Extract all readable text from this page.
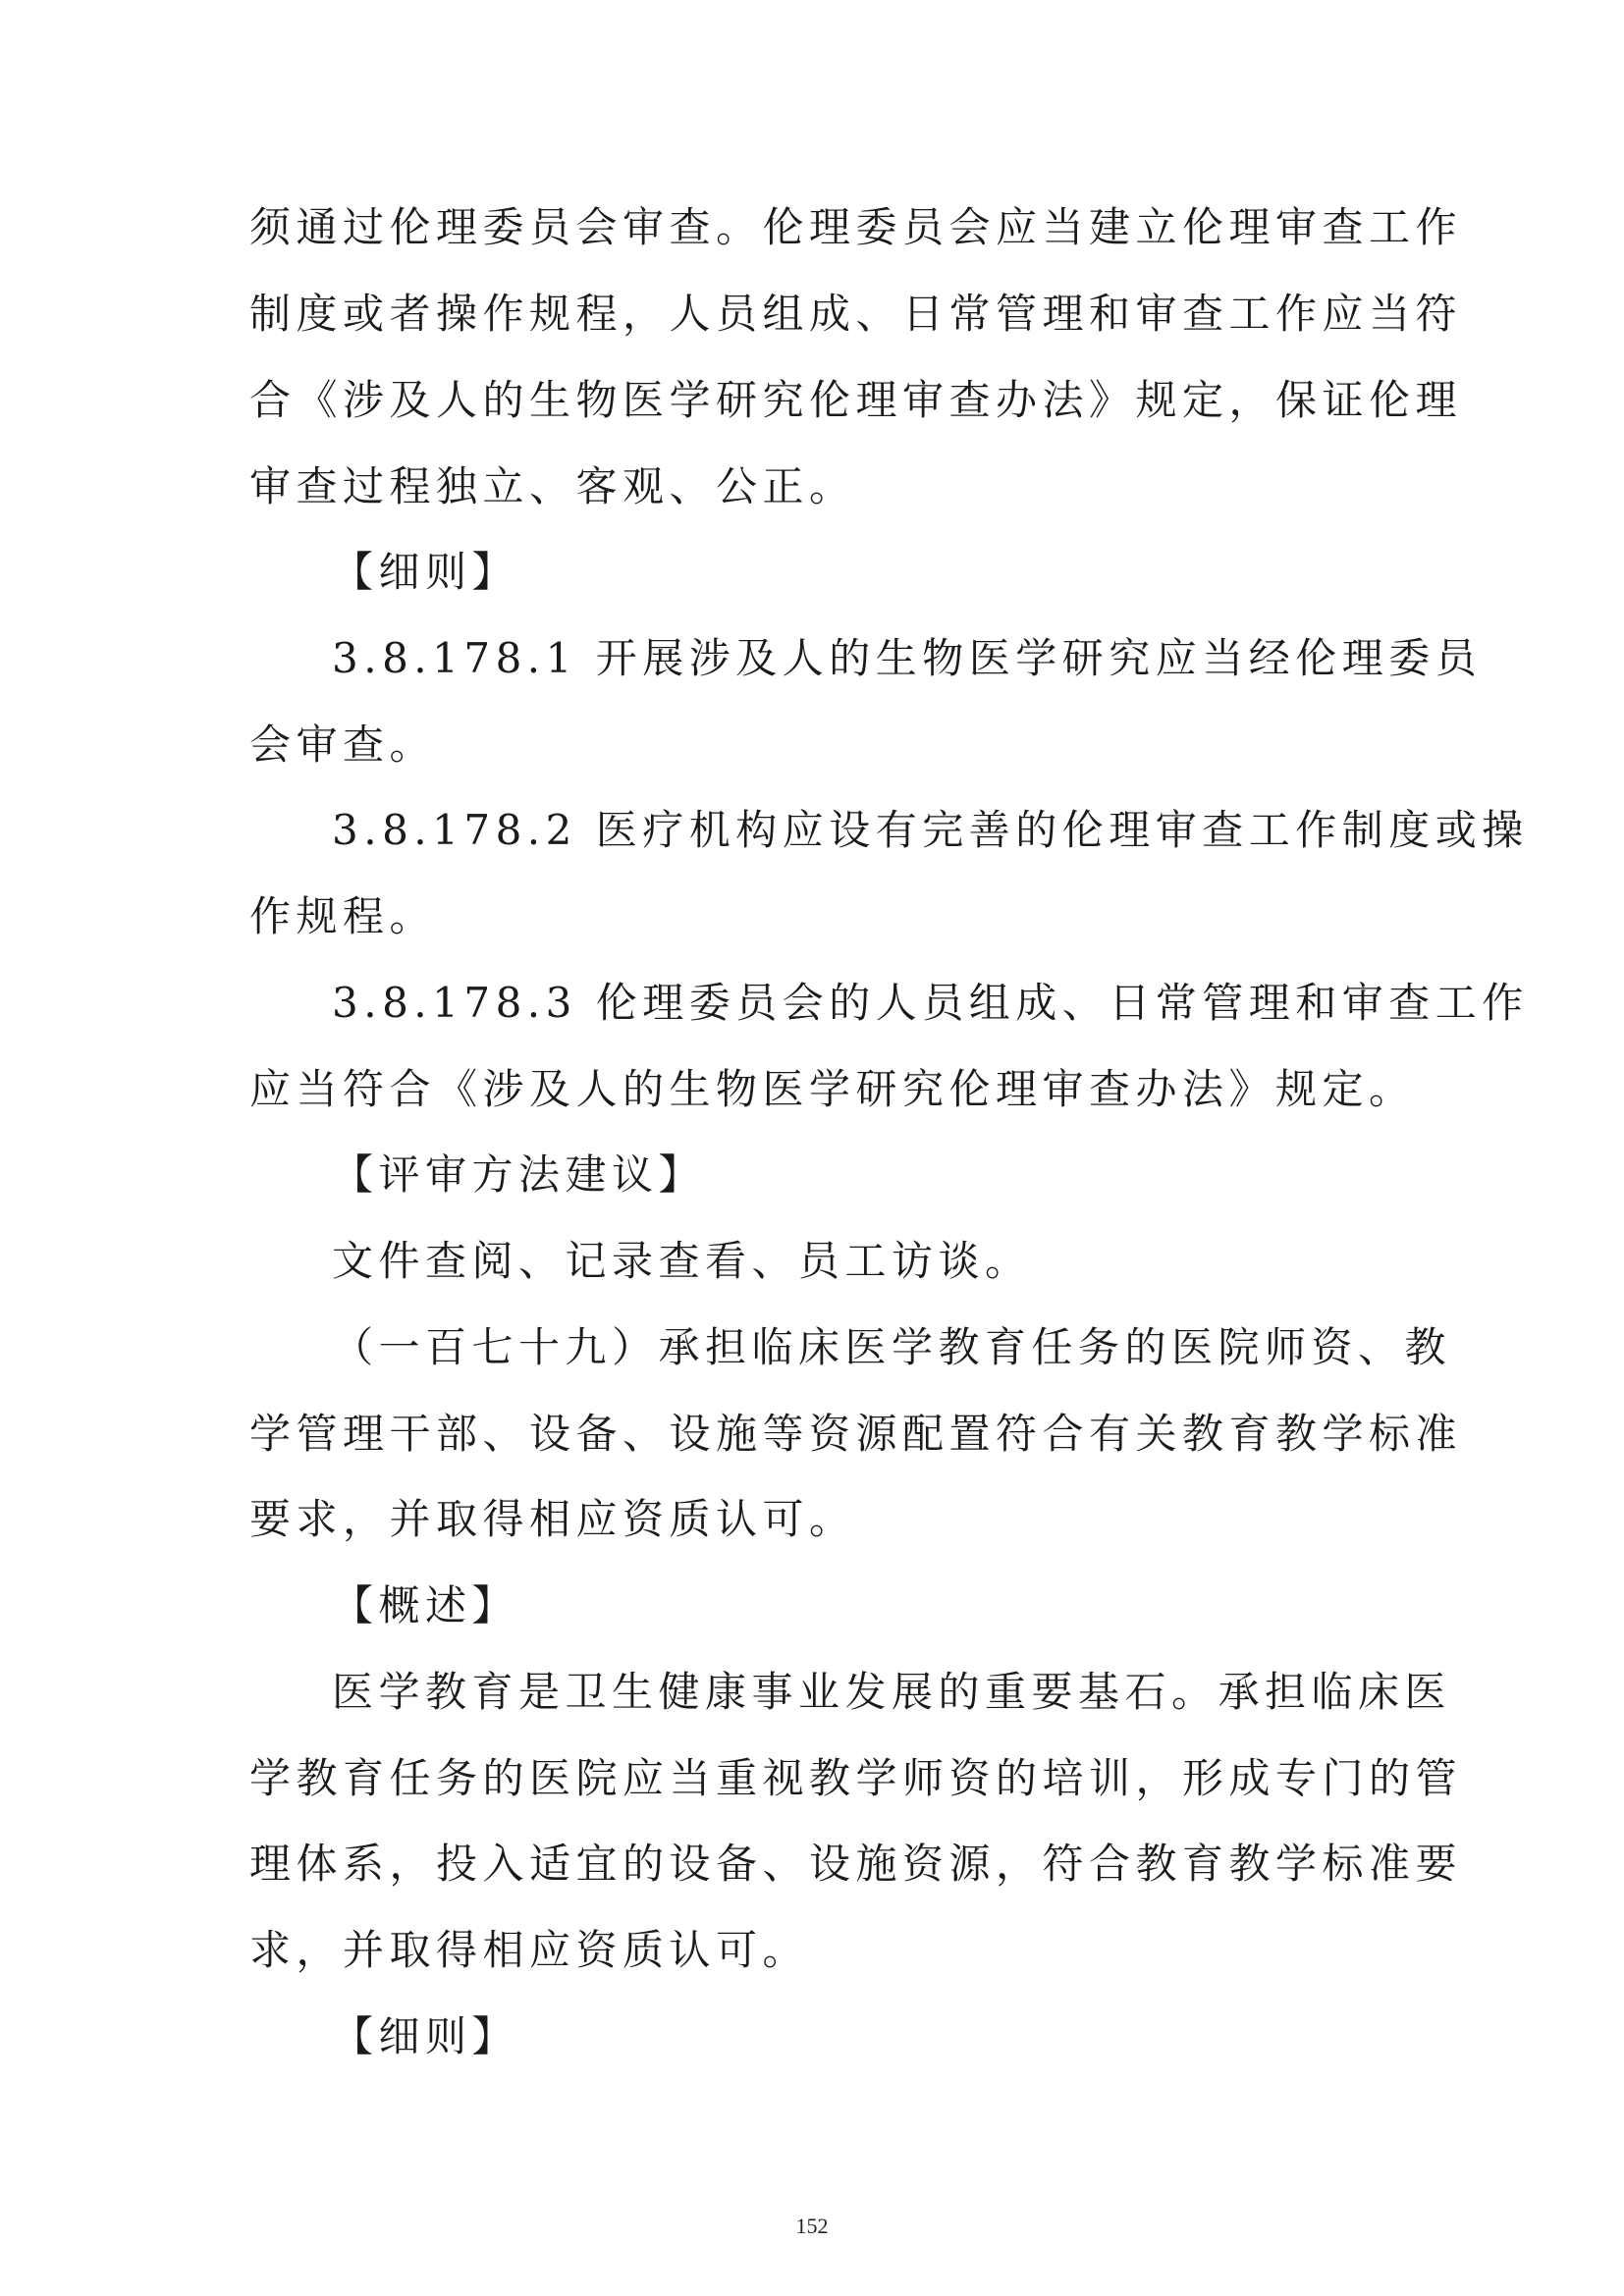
须通过伦理委员会审查。伦理委员会应当建立伦理审查工作
制度或者操作规程，人员组成、日常管理和审查工作应当符
合《涉及人的生物医学研究伦理审查办法》规定，保证伦理
审查过程独立、客观、公正。
【细则】
3.8.178.1 开展涉及人的生物医学研究应当经伦理委员
会审查。
3.8.178.2 医疗机构应设有完善的伦理审查工作制度或操
作规程。
3.8.178.3 伦理委员会的人员组成、日常管理和审查工作
应当符合《涉及人的生物医学研究伦理审查办法》规定。
【评审方法建议】
文件查阅、记录查看、员工访谈。
（一百七十九）承担临床医学教育任务的医院师资、教
学管理干部、设备、设施等资源配置符合有关教育教学标准
要求，并取得相应资质认可。
【概述】
医学教育是卫生健康事业发展的重要基石。承担临床医
学教育任务的医院应当重视教学师资的培训，形成专门的管
理体系，投入适宜的设备、设施资源，符合教育教学标准要
求，并取得相应资质认可。
【细则】
152
